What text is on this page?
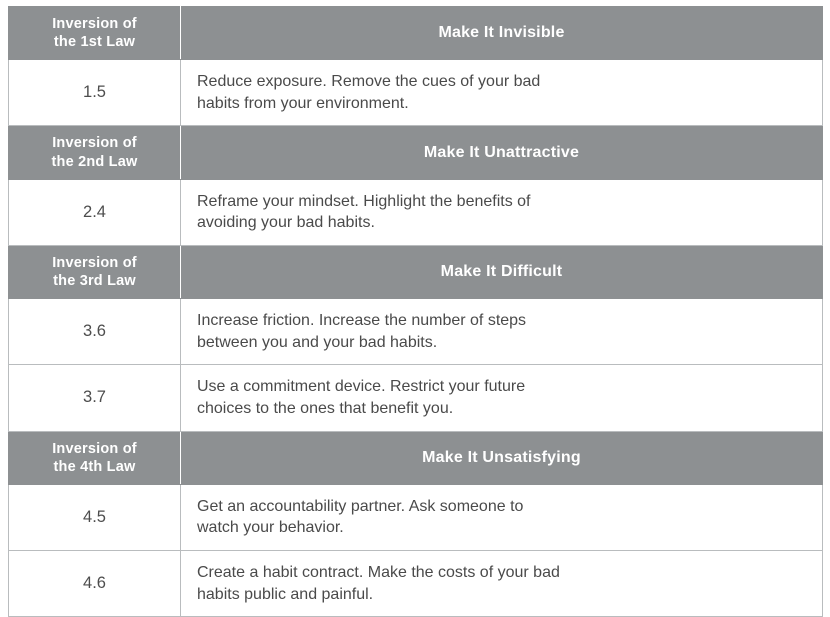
Inversion of
the 1st Law	Make It Invisible
1.5	Reduce exposure. Remove the cues of your bad
habits from your environment.

Inversion of
the 2nd Law	Make It Unattractive
2.4	Reframe your mindset. Highlight the benefits of
avoiding your bad habits.

Inversion of
the 3rd Law	Make It Difficult
3.6	Increase friction. Increase the number of steps
between you and your bad habits.

3.7	Use a commitment device. Restrict your future
choices to the ones that benefit you.

Inversion of
the 4th Law	Make It Unsatisfying
4.5	Get an accountability partner. Ask someone to
watch your behavior.

4.6	Create a habit contract. Make the costs of your bad
habits public and painful.
